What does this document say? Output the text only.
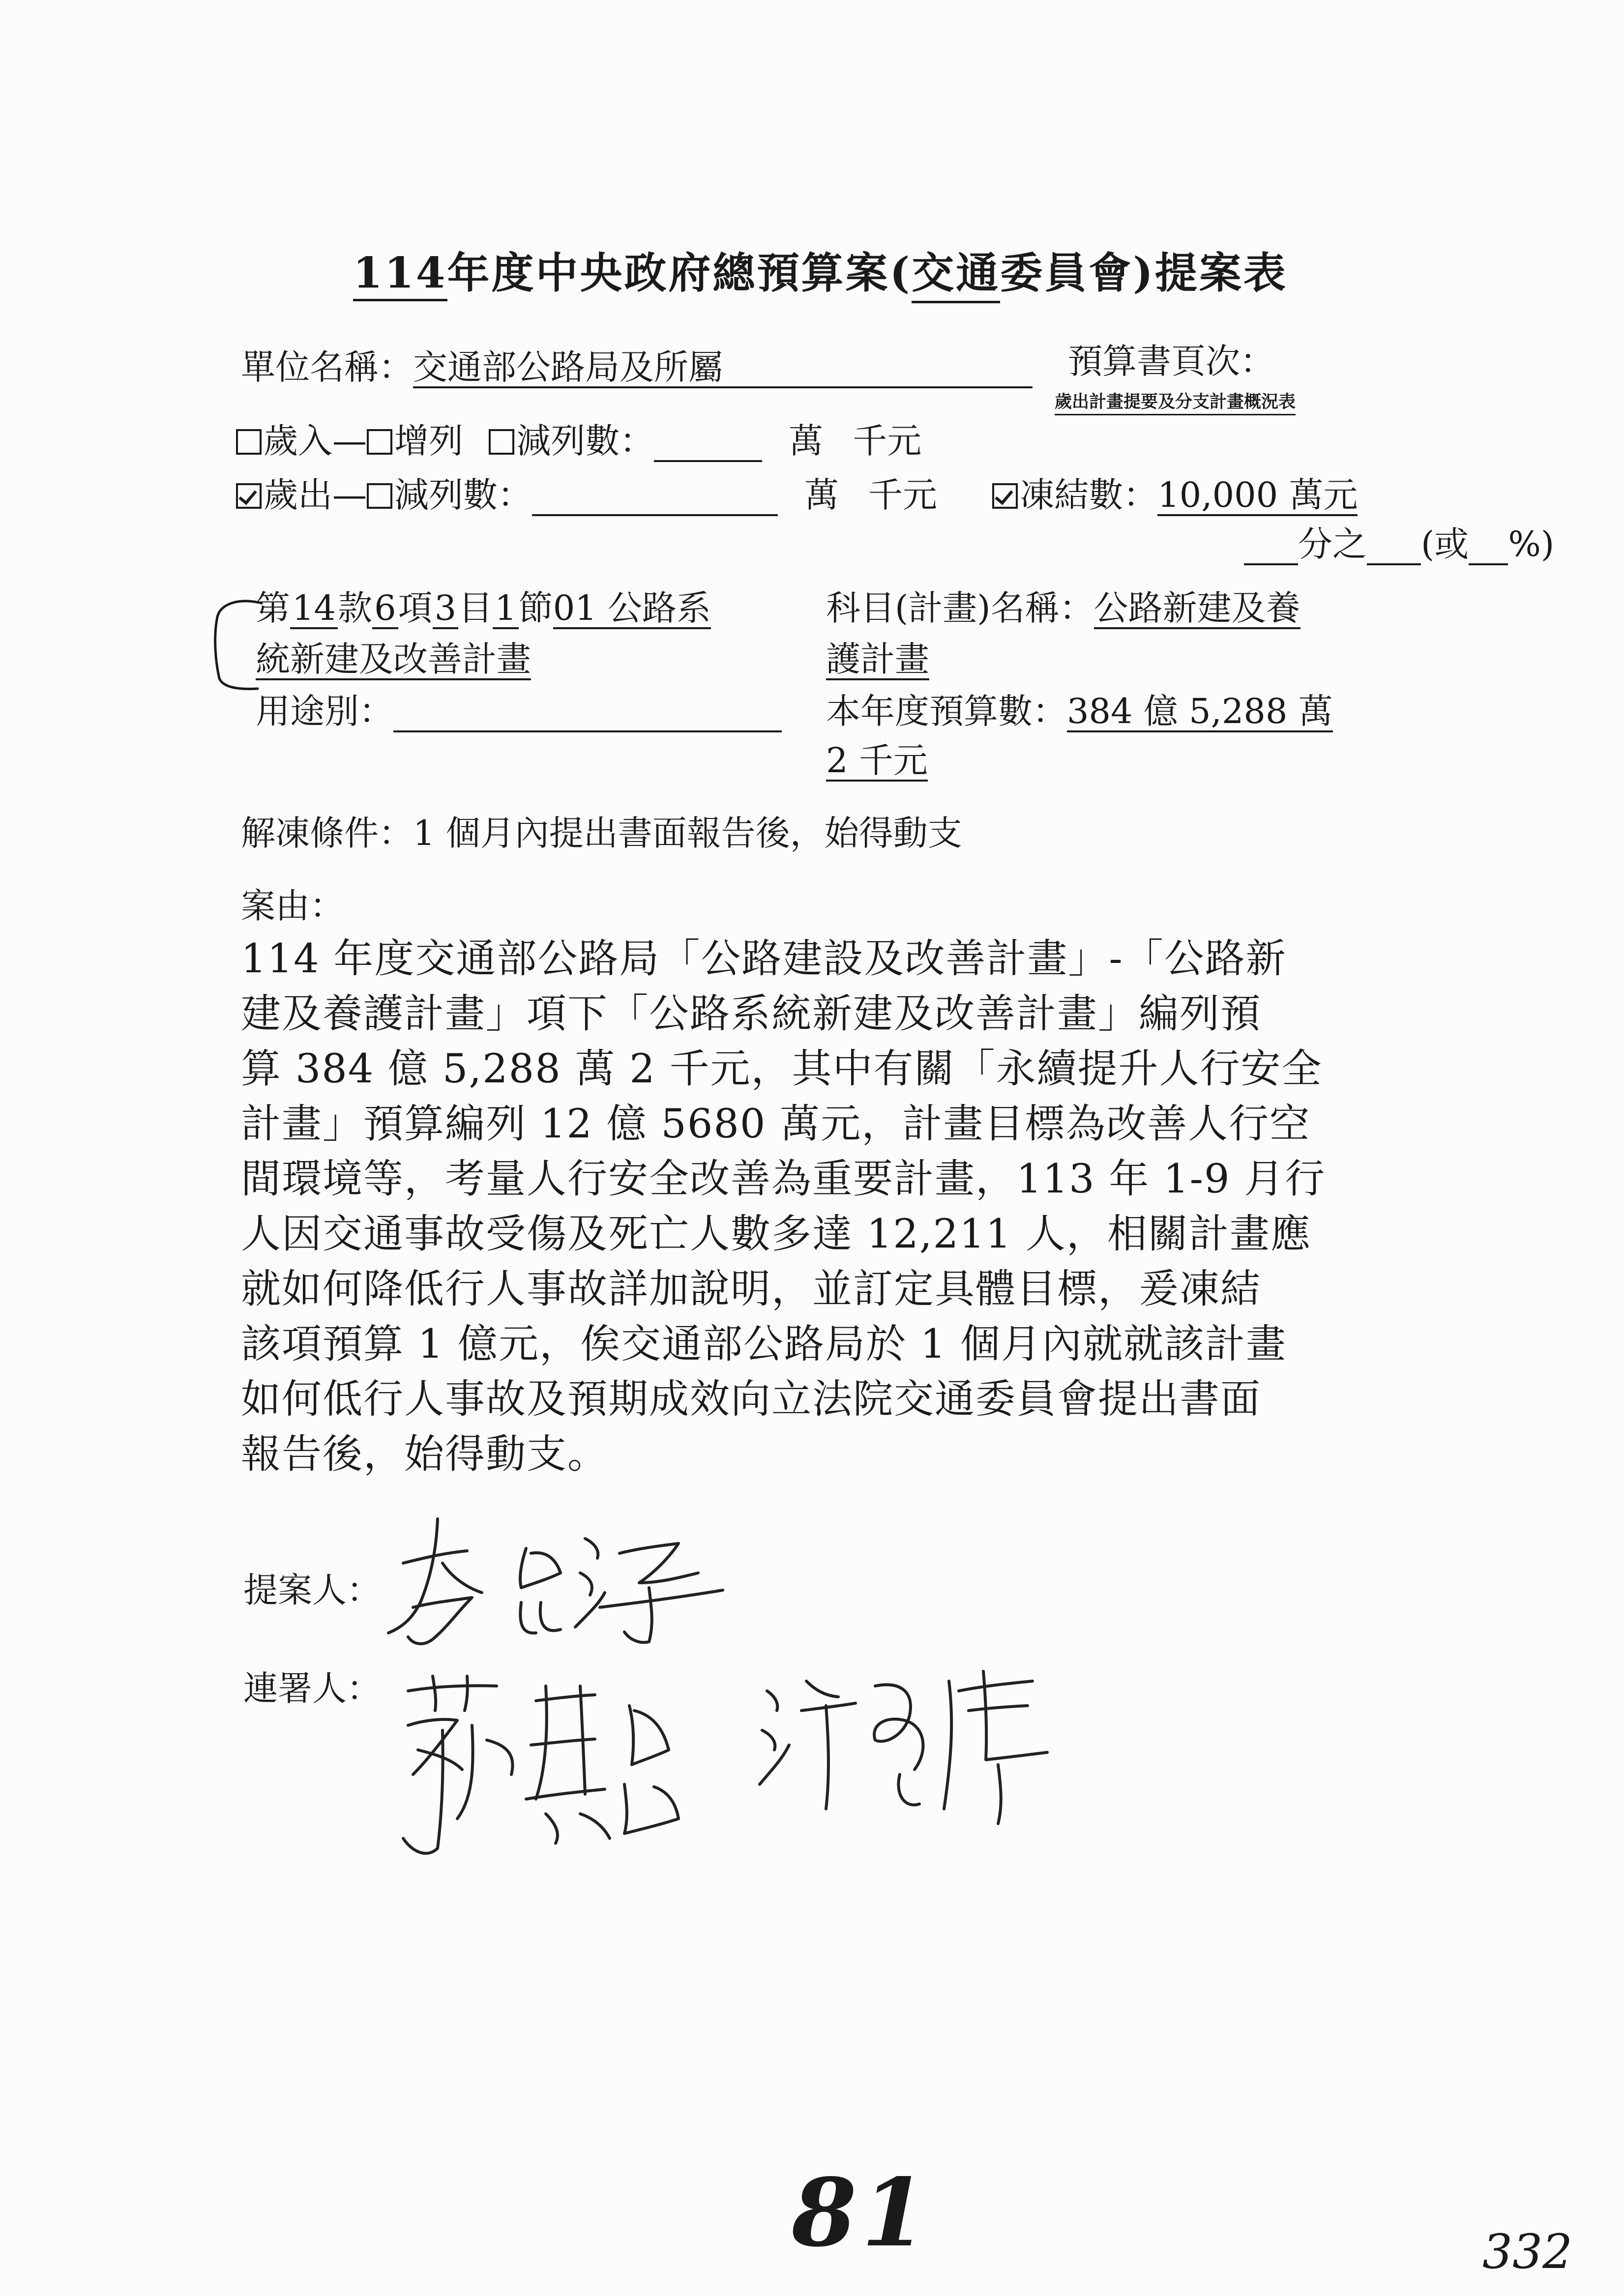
114年度中央政府總預算案(交通委員會)提案表
單位名稱：交通部公路局及所屬	預算書頁次：
歲出計畫提要及分支計畫概況表
歲入— 增列 減列數：	萬 千元
歲出— 減列數：	萬 千元 凍結數：10,000 萬元
分之 (或 %)
第14款6項3目1節01 公路系
統新建及改善計畫
用途別：
科目(計畫)名稱：公路新建及養
護計畫
本年度預算數：384 億 5,288 萬
2 千元
解凍條件：1 個月內提出書面報告後，始得動支
案由：
114 年度交通部公路局「公路建設及改善計畫」-「公路新
建及養護計畫」項下「公路系統新建及改善計畫」編列預
算 384 億 5,288 萬 2 千元，其中有關「永續提升人行安全
計畫」預算編列 12 億 5680 萬元，計畫目標為改善人行空
間環境等，考量人行安全改善為重要計畫，113 年 1-9 月行
人因交通事故受傷及死亡人數多達 12,211 人，相關計畫應
就如何降低行人事故詳加說明，並訂定具體目標，爰凍結
該項預算 1 億元，俟交通部公路局於 1 個月內就就該計畫
如何低行人事故及預期成效向立法院交通委員會提出書面
報告後，始得動支。
提案人：
連署人：
81	332
